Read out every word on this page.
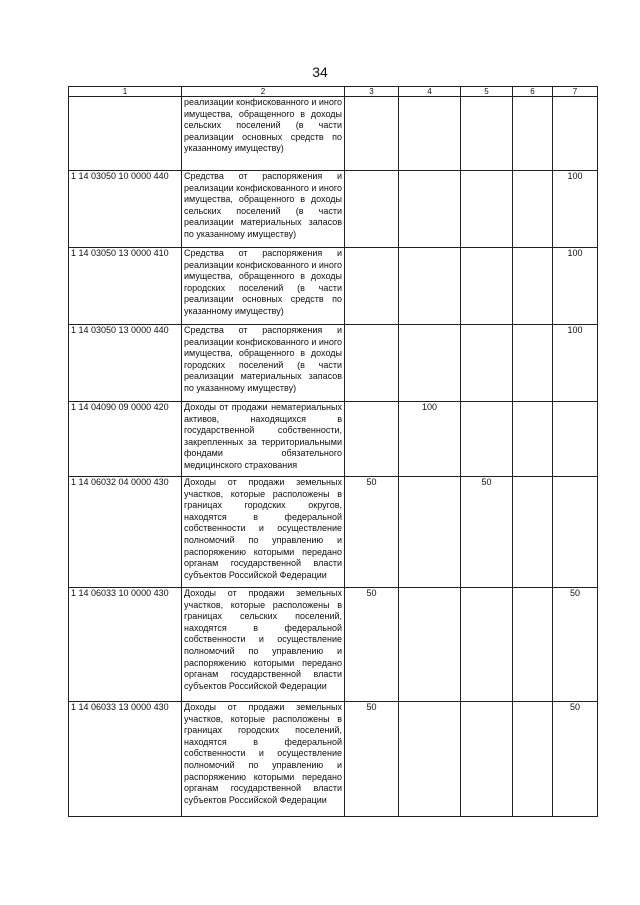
34
1	2	3	4	5	6	7
	реализации конфискованного и иного имущества, обращенного в доходы сельских поселений (в части реализации основных средств по указанному имуществу)					
1 14 03050 10 0000 440	Средства от распоряжения и реализации конфискованного и иного имущества, обращенного в доходы сельских поселений (в части реализации материальных запасов по указанному имуществу)					100
1 14 03050 13 0000 410	Средства от распоряжения и реализации конфискованного и иного имущества, обращенного в доходы городских поселений (в части реализации основных средств по указанному имуществу)					100
1 14 03050 13 0000 440	Средства от распоряжения и реализации конфискованного и иного имущества, обращенного в доходы городских поселений (в части реализации материальных запасов по указанному имуществу)					100
1 14 04090 09 0000 420	Доходы от продажи нематериальных активов, находящихся в государственной собственности, закрепленных за территориальными фондами обязательного медицинского страхования		100			
1 14 06032 04 0000 430	Доходы от продажи земельных участков, которые расположены в границах городских округов, находятся в федеральной собственности и осуществление полномочий по управлению и распоряжению которыми передано органам государственной власти субъектов Российской Федерации	50		50		
1 14 06033 10 0000 430	Доходы от продажи земельных участков, которые расположены в границах сельских поселений, находятся в федеральной собственности и осуществление полномочий по управлению и распоряжению которыми передано органам государственной власти субъектов Российской Федерации	50				50
1 14 06033 13 0000 430	Доходы от продажи земельных участков, которые расположены в границах городских поселений, находятся в федеральной собственности и осуществление полномочий по управлению и распоряжению которыми передано органам государственной власти субъектов Российской Федерации	50				50
